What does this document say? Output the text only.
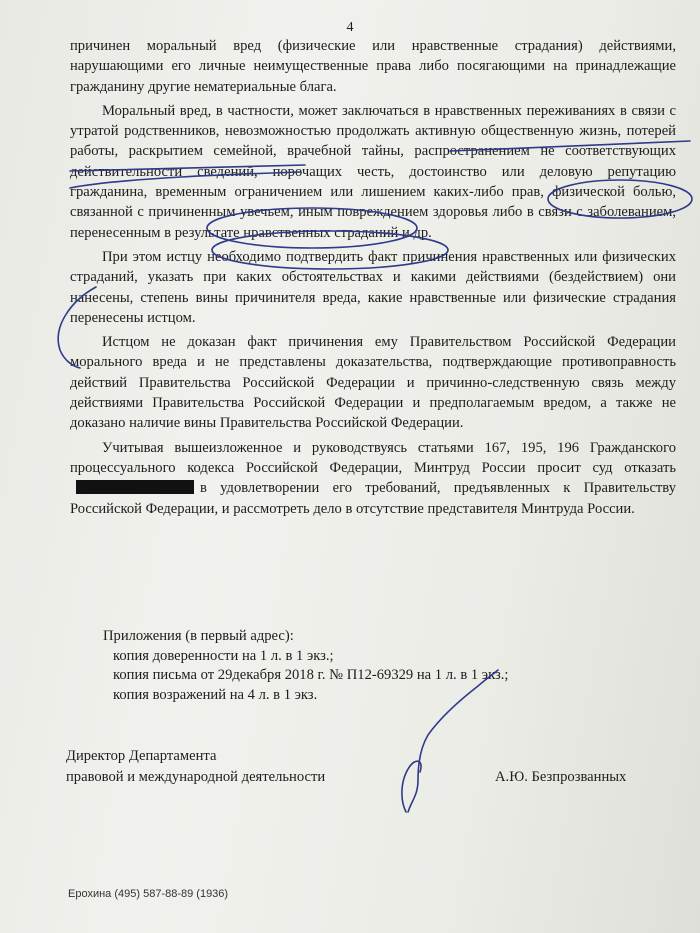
4

причинен моральный вред (физические или нравственные страдания) действиями, нарушающими его личные неимущественные права либо посягающими на принадлежащие гражданину другие нематериальные блага.

Моральный вред, в частности, может заключаться в нравственных переживаниях в связи с утратой родственников, невозможностью продолжать активную общественную жизнь, потерей работы, раскрытием семейной, врачебной тайны, распространением не соответствующих действительности сведений, порочащих честь, достоинство или деловую репутацию гражданина, временным ограничением или лишением каких-либо прав, физической болью, связанной с причиненным увечьем, иным повреждением здоровья либо в связи с заболеванием, перенесенным в результате нравственных страданий и др.

При этом истцу необходимо подтвердить факт причинения нравственных или физических страданий, указать при каких обстоятельствах и какими действиями (бездействием) они нанесены, степень вины причинителя вреда, какие нравственные или физические страдания перенесены истцом.

Истцом не доказан факт причинения ему Правительством Российской Федерации морального вреда и не представлены доказательства, подтверждающие противоправность действий Правительства Российской Федерации и причинно-следственную связь между действиями Правительства Российской Федерации и предполагаемым вредом, а также не доказано наличие вины Правительства Российской Федерации.

Учитывая вышеизложенное и руководствуясь статьями 167, 195, 196 Гражданского процессуального кодекса Российской Федерации, Минтруд России просит суд отказатьв удовлетворении его требований, предъявленных к Правительству Российской Федерации, и рассмотреть дело в отсутствие представителя Минтруда России.

Приложения (в первый адрес):
копия доверенности на 1 л. в 1 экз.;
копия письма от 29декабря 2018 г. № П12-69329 на 1 л. в 1 экз.;
копия возражений на 4 л. в 1 экз.
Директор Департамента
правовой и международной деятельности	А.Ю. Безпрозванных
Ерохина (495) 587-88-89 (1936)
